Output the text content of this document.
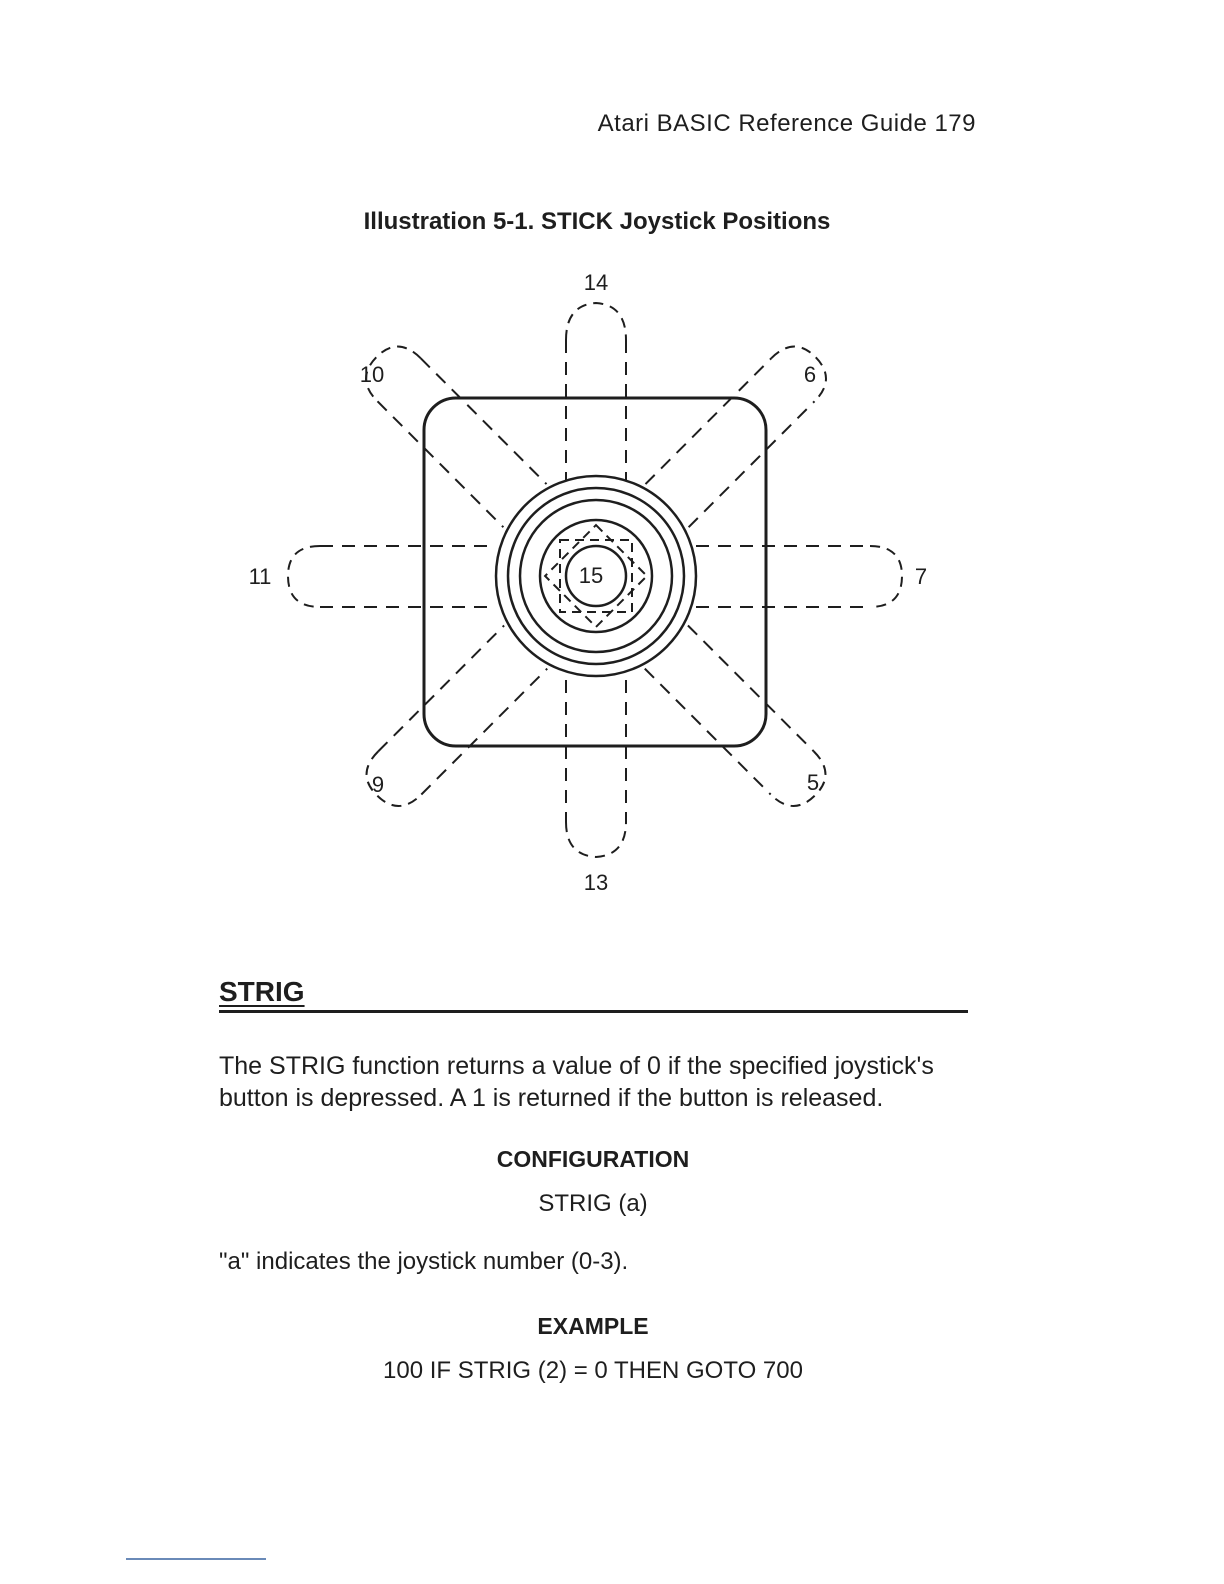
Atari BASIC Reference Guide 179
Illustration 5-1. STICK Joystick Positions
14
6
7
5
13
9
11
10
15
STRIG
The STRIG function returns a value of 0 if the specified joystick's
button is depressed. A 1 is returned if the button is released.
CONFIGURATION
STRIG (a)
"a" indicates the joystick number (0-3).
EXAMPLE
100 IF STRIG (2) = 0 THEN GOTO 700
